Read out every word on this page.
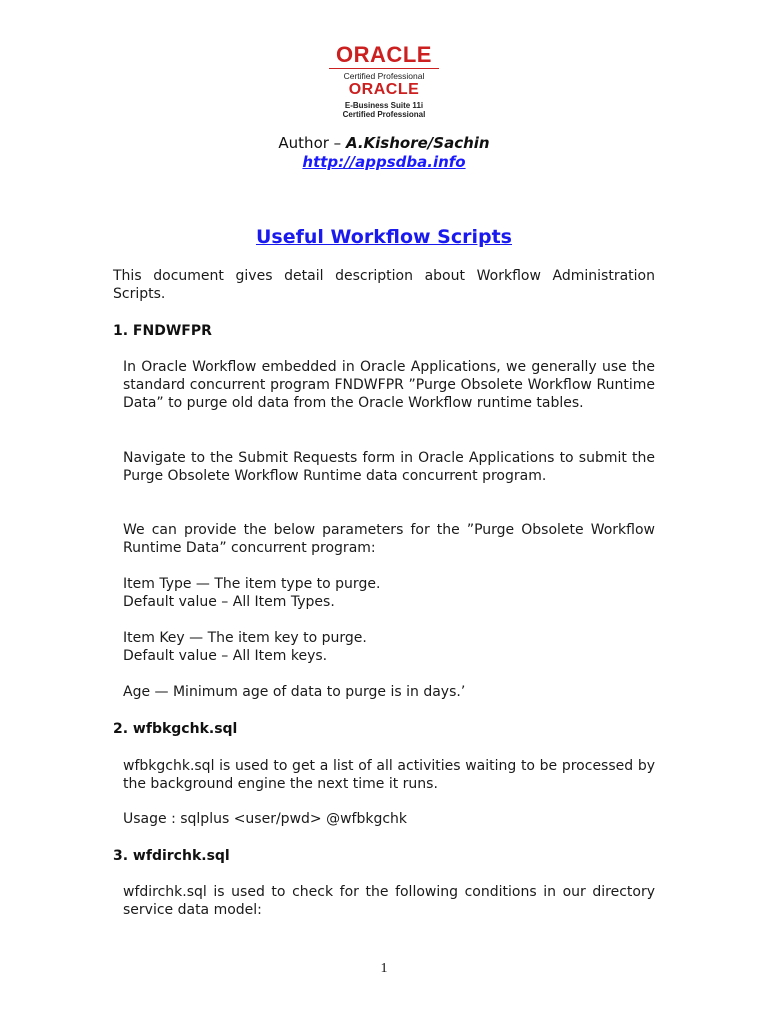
ORACLE
Certified Professional
ORACLE
E-Business Suite 11i
Certified Professional
Author – A.Kishore/Sachin
http://appsdba.info
Useful Workflow Scripts
This document gives detail description about Workflow Administration Scripts.
1. FNDWFPR
In Oracle Workflow embedded in Oracle Applications, we generally use the standard concurrent program FNDWFPR ”Purge Obsolete Workflow Runtime Data” to purge old data from the Oracle Workflow runtime tables.
Navigate to the Submit Requests form in Oracle Applications to submit the Purge Obsolete Workflow Runtime data concurrent program.
We can provide the below parameters for the ”Purge Obsolete Workflow Runtime Data” concurrent program:
Item Type — The item type to purge.
Default value – All Item Types.
Item Key — The item key to purge.
Default value – All Item keys.
Age — Minimum age of data to purge is in days.’
2. wfbkgchk.sql
wfbkgchk.sql is used to get a list of all activities waiting to be processed by the background engine the next time it runs.
Usage : sqlplus <user/pwd> @wfbkgchk
3. wfdirchk.sql
wfdirchk.sql is used to check for the following conditions in our directory service data model:
1
